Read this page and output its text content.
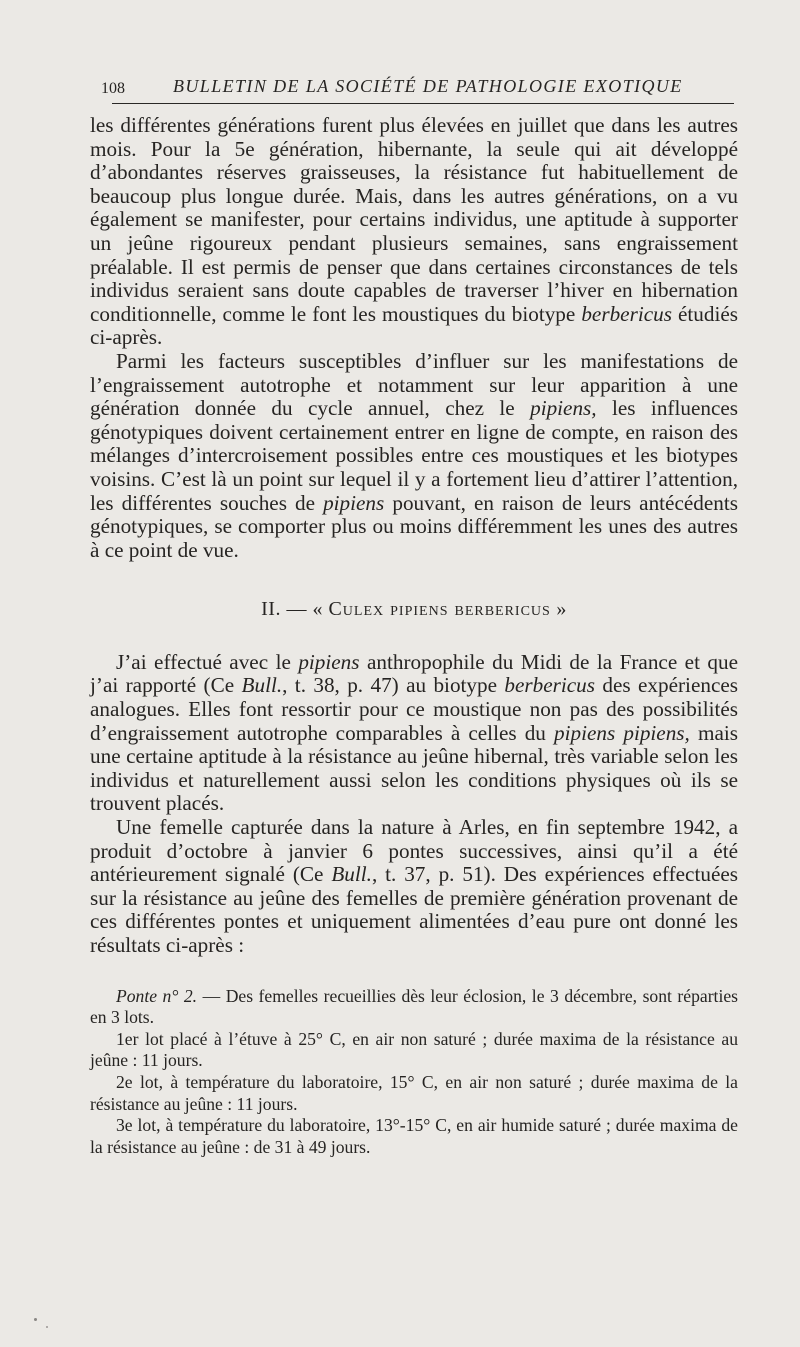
108	BULLETIN DE LA SOCIÉTÉ DE PATHOLOGIE EXOTIQUE

les différentes générations furent plus élevées en juillet que dans les autres mois. Pour la 5e génération, hibernante, la seule qui ait développé d’abondantes réserves graisseuses, la résistance fut habituellement de beaucoup plus longue durée. Mais, dans les autres générations, on a vu également se manifester, pour certains individus, une aptitude à supporter un jeûne rigoureux pendant plusieurs semaines, sans engraissement préalable. Il est permis de penser que dans certaines circonstances de tels individus seraient sans doute capables de traverser l’hiver en hibernation conditionnelle, comme le font les moustiques du biotype berbericus étudiés ci-après.

Parmi les facteurs susceptibles d’influer sur les manifestations de l’engraissement autotrophe et notamment sur leur apparition à une génération donnée du cycle annuel, chez le pipiens, les influences génotypiques doivent certainement entrer en ligne de compte, en raison des mélanges d’intercroisement possibles entre ces moustiques et les biotypes voisins. C’est là un point sur lequel il y a fortement lieu d’attirer l’attention, les différentes souches de pipiens pouvant, en raison de leurs antécédents génotypiques, se comporter plus ou moins différemment les unes des autres à ce point de vue.

II. — « Culex pipiens berbericus »

J’ai effectué avec le pipiens anthropophile du Midi de la France et que j’ai rapporté (Ce Bull., t. 38, p. 47) au biotype berbericus des expériences analogues. Elles font ressortir pour ce moustique non pas des possibilités d’engraissement autotrophe comparables à celles du pipiens pipiens, mais une certaine aptitude à la résistance au jeûne hibernal, très variable selon les individus et naturellement aussi selon les conditions physiques où ils se trouvent placés.

Une femelle capturée dans la nature à Arles, en fin septembre 1942, a produit d’octobre à janvier 6 pontes successives, ainsi qu’il a été antérieurement signalé (Ce Bull., t. 37, p. 51). Des expériences effectuées sur la résistance au jeûne des femelles de première génération provenant de ces différentes pontes et uniquement alimentées d’eau pure ont donné les résultats ci-après :

Ponte n° 2. — Des femelles recueillies dès leur éclosion, le 3 décembre, sont réparties en 3 lots.

1er lot placé à l’étuve à 25° C, en air non saturé ; durée maxima de la résistance au jeûne : 11 jours.

2e lot, à température du laboratoire, 15° C, en air non saturé ; durée maxima de la résistance au jeûne : 11 jours.

3e lot, à température du laboratoire, 13°-15° C, en air humide saturé ; durée maxima de la résistance au jeûne : de 31 à 49 jours.
